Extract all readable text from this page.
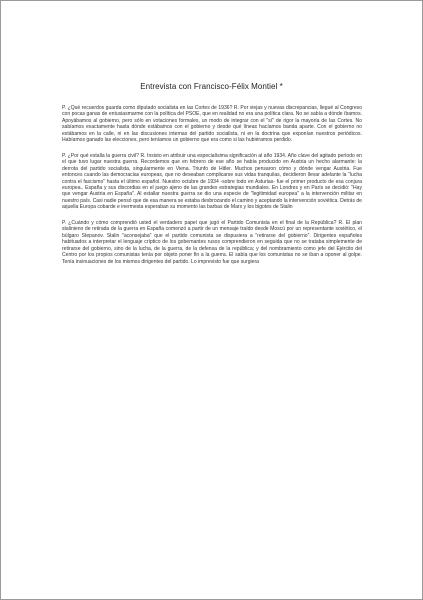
Entrevista con Francisco-Félix Montiel *

P. ¿Qué recuerdos guarda como diputado socialista en las Cortes de 1936? R. Por viejas y nuevas discrepancias, llegué al Congreso con pocas ganas de entusiasmarme con la política del PSOE, que en realidad no era una política clara. No se sabía a dónde íbamos. Apoyábamos al gobierno, pero sólo en votaciones formales, un modo de integrar con el "sí" de rigor la mayoría de las Cortes. No sabíamos exactamente hasta dónde estábamos con el gobierno y desde qué líneas hacíamos banda aparte. Con el gobierno no estábamos en la calle, ni en las discusiones internas del partido socialista, ni en la doctrina que exponían nuestros periódicos. Habíamos ganado las elecciones, pero teníamos un gobierno que era como si las hubiéramos perdido.

P. ¿Por qué estalla la guerra civil? R. Insisto en atribuir una especialísima significación al año 1934. Año clave del agitado período en el que tuvo lugar nuestra guerra. Recordemos que en febrero de ese año se había producido en Austria un hecho alarmante: la derrota del partido socialista, singularmente en Viena. Triunfo de Hitler. Muchos pensaron cómo y dónde vengar Austria. Fue entonces cuando las democracias europeas, que no deseaban complicarse sus vidas tranquilas, decidieron llevar adelante la "lucha contra el fascismo" hasta el último español. Nuestro octubre de 1934 -sobre todo en Asturias- fue el primer producto de esa conjura europea.. España y sus discordias en el juego ajeno de las grandes estrategias mundiales. En Londres y en París se decidió: "Hay que vengar Austria en España". Al estallar nuestra guerra se dio una especie de "legitimidad europea" a la intervención militar en nuestro país. Casi nadie pensó que de esa manera se estaba desbrozando el camino y aceptando la intervención soviética. Detrás de aquella Europa cobarde e inermesta esperaban su momento las barbas de Marx y los bigotes de Stalin

P. ¿Cuándo y cómo comprendió usted el verdadero papel que jugó el Partido Comunista en el final de la República? R. El plan stalinieno de retirada de la guerra en España comenzó a partir de un mensaje traído desde Moscú por un representante soviético, el búlgaro Stepanov. Stalin "aconsejaba" que el partido comunista se dispusiera a "retirarse del gobierno". Dirigentes españoles habituados a interpretar el lenguaje críptico de los gobernantes rusos comprendieron en seguida que no se trataba simplemente de retirarse del gobierno, sino de la lucha, de la guerra, de la defensa de la república; y del nombramiento como jefe del Ejército del Centro por los propios comunistas tenía por objeto poner fin a la guerra. El sabía que los comunistas no se iban a oponer al golpe. Tenía insinuaciones de los mismos dirigentes del partido. Lo imprevisto fue que surgiera
